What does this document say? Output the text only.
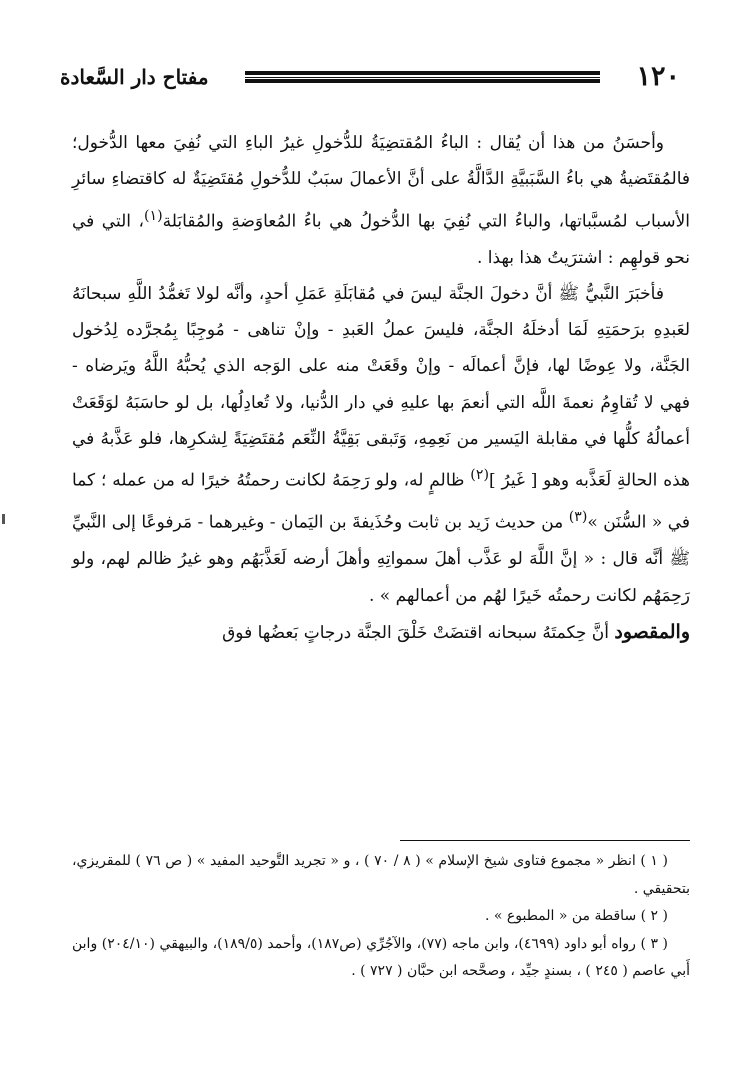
١٢٠
مفتاح دار السَّعادة

وأحسَنُ من هذا أن يُقال : الباءُ المُقتضِيَةُ للدُّخولِ غيرُ الباءِ التي نُفِيَ معها الدُّخول؛ فالمُقتَضيةُ هي باءُ السَّبَبيَّةِ الدَّالَّةُ على أنَّ الأعمالَ سبَبٌ للدُّخولِ مُقتَضِيَةٌ له كاقتضاءِ سائرِ الأسباب لمُسبَّباتها، والباءُ التي نُفِيَ بها الدُّخولُ هي باءُ المُعاوَضةِ والمُقابَلة$^{(١)}$، التي في نحو قولهِم : اشترَيتُ هذا بهذا .

فأخبَرَ النَّبيُّ ﷺ أنَّ دخولَ الجنَّة ليسَ في مُقابَلَةِ عَمَلِ أحدٍ، وأنَّه لولا تَغمُّدُ اللَّهِ سبحانَهُ لعَبدِهِ برَحمَتِهِ لَمَا أدخلَهُ الجنَّة، فليسَ عملُ العَبدِ - وإنْ تناهى - مُوجِبًا بِمُجرَّده لِدُخول الجَنَّة، ولا عِوضًا لها، فإنَّ أعمالَه - وإنْ وقَعَتْ منه على الوَجه الذي يُحبُّهُ اللَّهُ ويَرضاه - فهي لا تُقاوِمُ نعمةَ اللَّه التي أنعمَ بها عليهِ في دار الدُّنيا، ولا تُعادِلُها، بل لو حاسَبَهُ لوَقَعَتْ أعمالُهُ كلُّها في مقابلة اليَسير من نَعِمِهِ، وَتَبقى بَقِيَّةُ النِّعَم مُقتَضِيَةً لِشكرِها، فلو عَذَّبهُ في هذه الحالةِ لَعَذَّبه وهو [ غَيرُ ]$^{(٢)}$ ظالمٍ له، ولو رَحِمَهُ لكانت رحمتُهُ خيرًا له من عمله ؛ كما في « السُّنَن »$^{(٣)}$ من حديث زَيد بن ثابت وحُذَيفةَ بن اليَمان - وغيرهما - مَرفوعًا إلى النَّبيِّ ﷺ أنَّه قال : « إنَّ اللَّهَ لو عَذَّب أهلَ سمواتِهِ وأهلَ أرضه لَعَذَّبَهُم وهو غيرُ ظالم لهم، ولو رَحِمَهُم لكانت رحمتُه خَيرًا لهُم من أعمالهم » .

والمقصود أنَّ حِكمتَهُ سبحانه اقتضَتْ خَلْقَ الجنَّة درجاتٍ بَعضُها فوق

( ١ ) انظر « مجموع فتاوى شيخ الإسلام » ( ٨ / ٧٠ ) ، و « تجريد التَّوحيد المفيد » ( ص ٧٦ ) للمقريزي، بتحقيقي .

( ٢ ) ساقطة من « المطبوع » .

( ٣ ) رواه أبو داود (٤٦٩٩)، وابن ماجه (٧٧)، والآجُرِّي (ص١٨٧)، وأحمد (١٨٩/٥)، والبيهقي (٢٠٤/١٠) وابن أَبي عاصم ( ٢٤٥ ) ، بسندٍ جيِّد ، وصحَّحه ابن حبَّان ( ٧٢٧ ) .
